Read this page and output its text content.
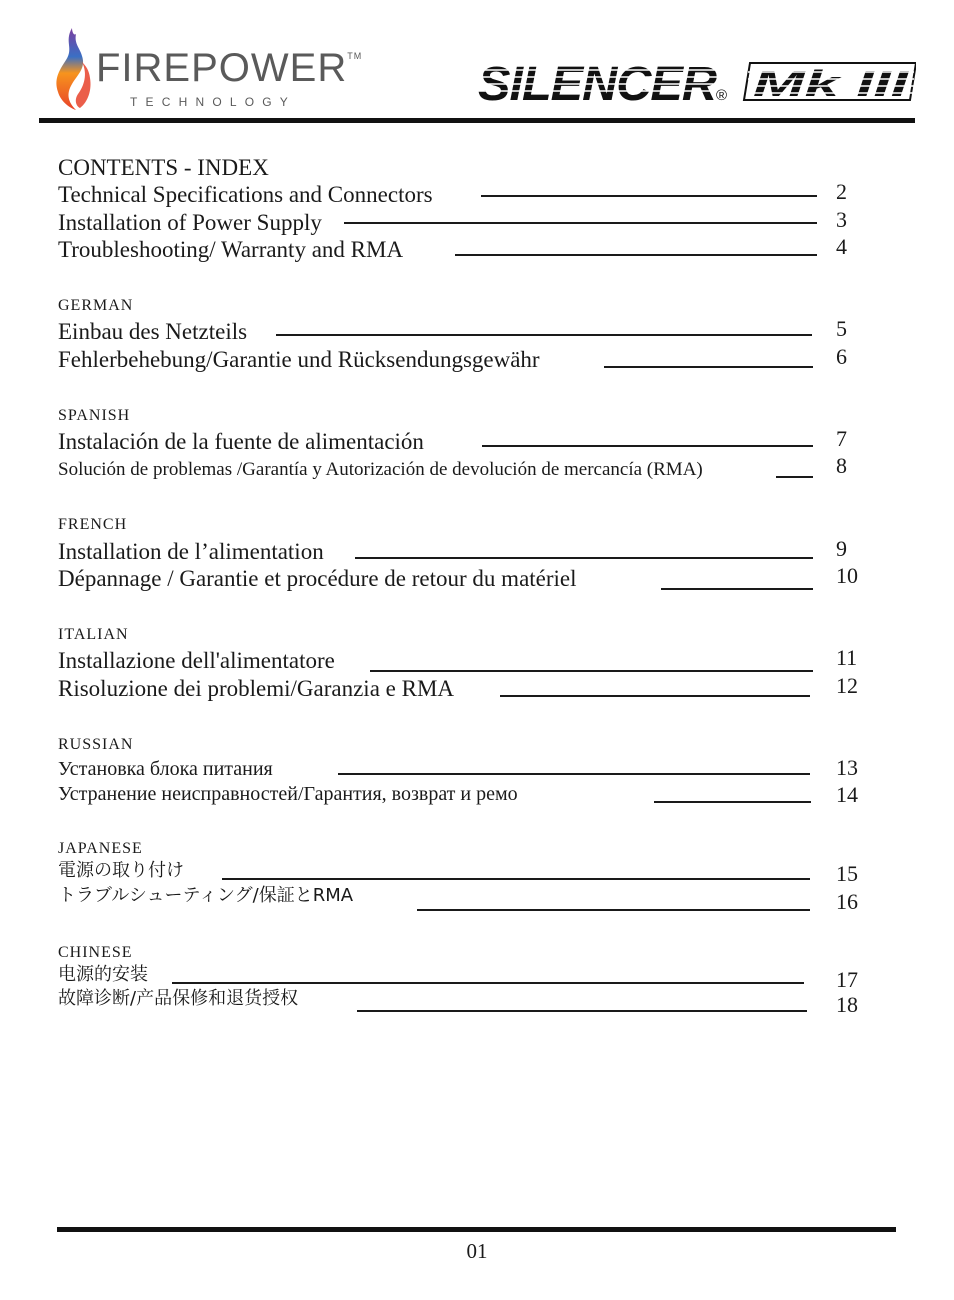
FIREPOWER™
TECHNOLOGY	SILENCER
® Mk III
CONTENTS - INDEX
Technical Specifications and Connectors	2
Installation of Power Supply	3
Troubleshooting/ Warranty and RMA	4
GERMAN
Einbau des Netzteils	5
Fehlerbehebung/Garantie und Rücksendungsgewähr	6
SPANISH
Instalación de la fuente de alimentación	7
Solución de problemas /Garantía y Autorización de devolución de mercancía (RMA)	8
FRENCH
Installation de l’alimentation	9
Dépannage / Garantie et procédure de retour du matériel	10
ITALIAN
Installazione dell'alimentatore	11
Risoluzione dei problemi/Garanzia e RMA	12
RUSSIAN
Установка блока питания	13
Устранение неисправностей/Гарантия, возврат и ремо	14
JAPANESE
電源の取り付け	15
トラブルシューティング/保証とRMA	16
CHINESE
电源的安装	17
故障诊断/产品保修和退货授权	18
01
